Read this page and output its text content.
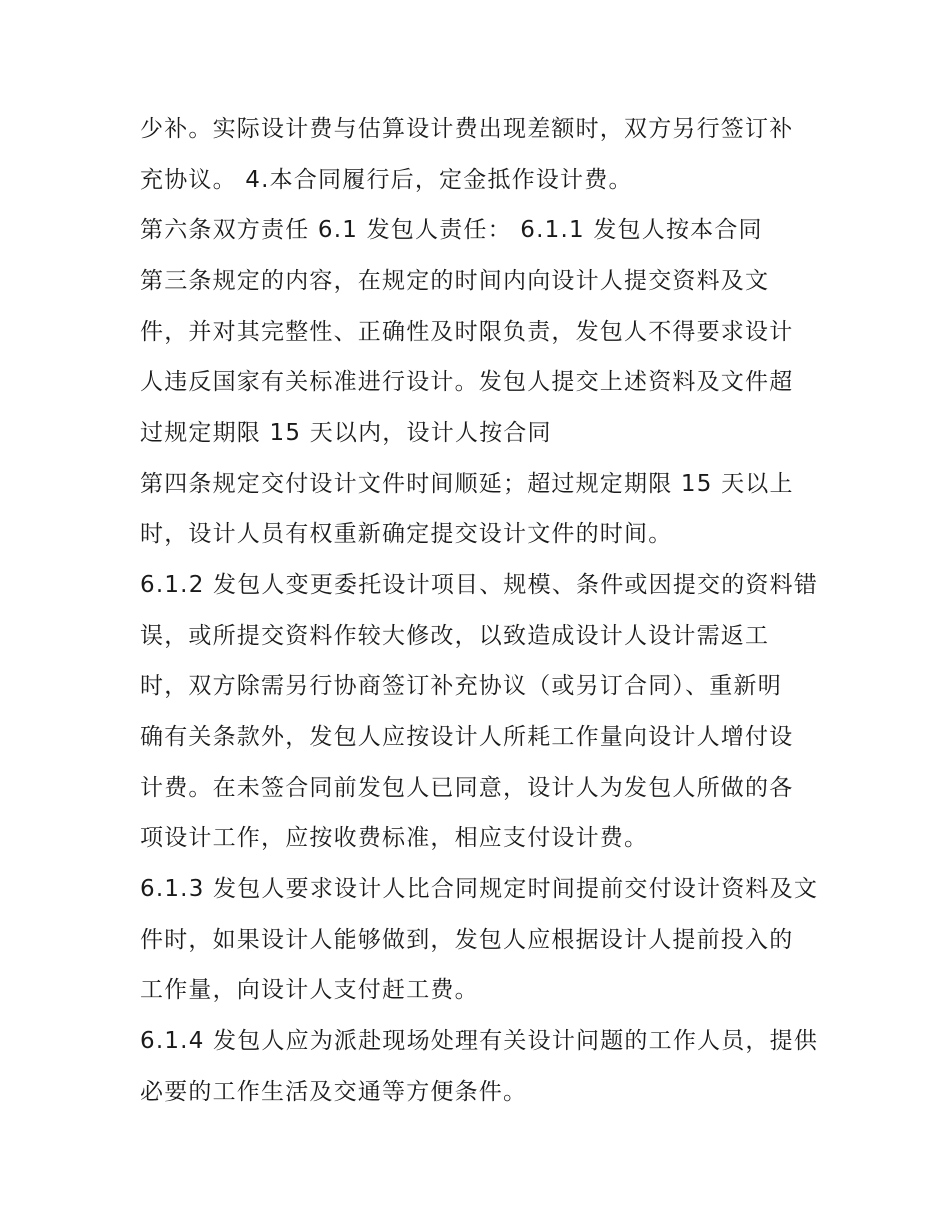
少补。实际设计费与估算设计费出现差额时，双方另行签订补
充协议。 4.本合同履行后，定金抵作设计费。
第六条双方责任 6.1 发包人责任： 6.1.1 发包人按本合同
第三条规定的内容，在规定的时间内向设计人提交资料及文
件，并对其完整性、正确性及时限负责，发包人不得要求设计
人违反国家有关标准进行设计。发包人提交上述资料及文件超
过规定期限 15 天以内，设计人按合同
第四条规定交付设计文件时间顺延；超过规定期限 15 天以上
时，设计人员有权重新确定提交设计文件的时间。
6.1.2 发包人变更委托设计项目、规模、条件或因提交的资料错
误，或所提交资料作较大修改，以致造成设计人设计需返工
时，双方除需另行协商签订补充协议（或另订合同）、重新明
确有关条款外，发包人应按设计人所耗工作量向设计人增付设
计费。在未签合同前发包人已同意，设计人为发包人所做的各
项设计工作，应按收费标准，相应支付设计费。
6.1.3 发包人要求设计人比合同规定时间提前交付设计资料及文
件时，如果设计人能够做到，发包人应根据设计人提前投入的
工作量，向设计人支付赶工费。
6.1.4 发包人应为派赴现场处理有关设计问题的工作人员，提供
必要的工作生活及交通等方便条件。
